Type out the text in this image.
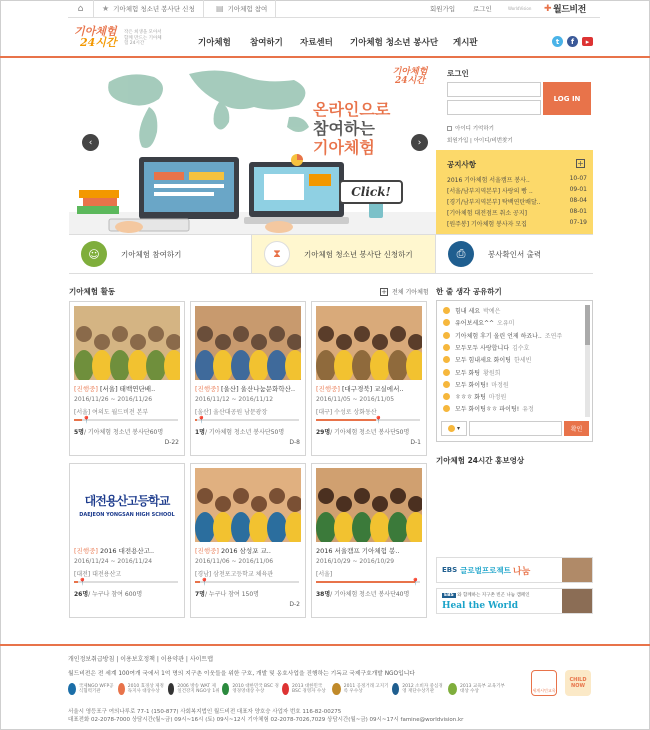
⌂	★ 기아체험 청소년 봉사단 신청	▤ 기아체험 참여	회원가입	로그인	WorldVision ✚ 월드비전
기아체험
24시간
작은 희생을 모아서 함께 만드는 기아체험 24시간	기아체험 참여하기 자료센터 기아체험 청소년 봉사단 게시판	t	f	▸
기아체험24시간
온라인으로
참여하는
기아체험
Click!
‹	›
로그인
LOG IN
아이디 기억하기
회원가입 | 아이디/비번찾기
공지사항	+
2016 기아체험 서울캠프 봉사..	10-07
[서울/남부지역본부] 사랑의 빵 ..	09-01
[경기/남부지역본부] 탁백연탄배달..	08-04
[기아체험 대전점프 취소 공지]	08-01
[원주봉] 기아체험 봉사자 모집	07-19
☺	기아체험 참여하기	⧗	기아체험 청소년 봉사단 신청하기	⎙	봉사확인서 출력
기아체험 활동	+ 전체 기아체험
[진행중] [서울] 태백연단배..
2016/11/26 ~ 2016/11/26
[서울] 여의도 월드비전 본부
📍
5명/ 기아체험 청소년 봉사단60명
D-22
[진행중] [울산] 울산나눔문화학산..
2016/11/12 ~ 2016/11/12
[울산] 울산대공원 남문광장
📍
1명/ 기아체험 청소년 봉사단50명
D-8
[진행중] [대구경북] 교실에서..
2016/11/05 ~ 2016/11/05
[대구] 수성로 상화동산
📍
29명/ 기아체험 청소년 봉사단50명
D-1
대전용산고등학교
DAEJEON YONGSAN HIGH SCHOOL
[진행중] 2016 대전용산고..
2016/11/24 ~ 2016/11/24
[대전] 대전용산고
📍
26명/ 누구나 참여 600명
[진행중] 2016 삼성포 교..
2016/11/06 ~ 2016/11/06
[경남] 삼천포고등학교 체육관
📍
7명/ 누구나 참여 150명
D-2
2016 서울캠프 기아체험 봉..
2016/10/29 ~ 2016/10/29
[서울]
📍
38명/ 기아체험 청소년 봉사단40명
한 줄 생각 공유하기
힘내 세요 박예은
유어보세요^^ 오유미
기아체험 후기 올린 언제 하죠나.. 조연주
모두모두 사랑합니다 김수호
모두 힘내세요 화이팅 한세빈
모두 화팅 황원희
모두 화이팅! 마정원
ㅎㅎㅎ 화팅 마정원
모두 화이팅ㅎㅎ 파이팅! 유정
▾	확인
기아체험 24시간 홍보영상
EBS 글로벌프로젝트 나눔
EBS 와 함께하는 지구촌 빈곤 나눔 캠페인
Heal the World
개인정보취급방침 | 이용보호정책 | 이용약관 | 사이트맵
월드비전은 전 세계 100여개 국에서 1억 명의 지구촌 이웃들을 위한 구호, 개발 및 옹호사업을 진행하는 기독교 국제구호개발 NGO입니다
국제NGO WFP공식협력기관
2010 효경상 제정독지사 대상수상
2006 방송 WAT 제일건강지 NGO상 1위
2010 대한민국 BSC 경영경영대상 수상
2013 대한민국 BSC 경영자 수상
2011 공정거래 고지기록 우수상
2012 소비자 중심경영 재단수상기관
2013 교육부 교육기부대상 수상
서울시 영등포구 여의나루로 77-1 (150-877) 사회복지법인 월드비전 대표자 양호승 사업자 번호 116-82-00275
대표전화 02-2078-7000 상담시간(월~금) 09시~16시 (토) 09시~12시 기아체험 02-2078-7026,7029 상담시간(월~금) 09시~17시 famine@worldvision.kr
세계시민교육
CHILD NOW
